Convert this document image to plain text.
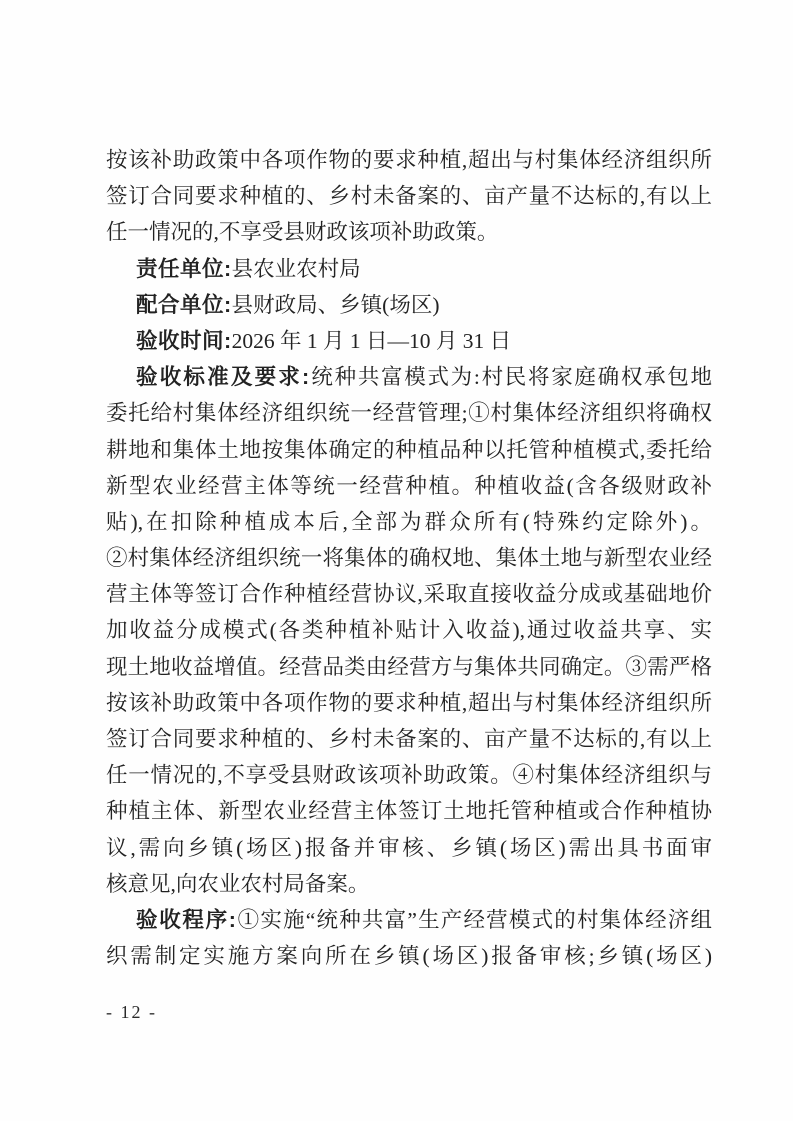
按该补助政策中各项作物的要求种植,超出与村集体经济组织所
签订合同要求种植的、乡村未备案的、亩产量不达标的,有以上
任一情况的,不享受县财政该项补助政策。
责任单位:县农业农村局
配合单位:县财政局、乡镇(场区)
验收时间:2026 年 1 月 1 日—10 月 31 日
验收标准及要求:统种共富模式为:村民将家庭确权承包地
委托给村集体经济组织统一经营管理;①村集体经济组织将确权
耕地和集体土地按集体确定的种植品种以托管种植模式,委托给
新型农业经营主体等统一经营种植。种植收益(含各级财政补
贴),在扣除种植成本后,全部为群众所有(特殊约定除外)。
②村集体经济组织统一将集体的确权地、集体土地与新型农业经
营主体等签订合作种植经营协议,采取直接收益分成或基础地价
加收益分成模式(各类种植补贴计入收益),通过收益共享、实
现土地收益增值。经营品类由经营方与集体共同确定。③需严格
按该补助政策中各项作物的要求种植,超出与村集体经济组织所
签订合同要求种植的、乡村未备案的、亩产量不达标的,有以上
任一情况的,不享受县财政该项补助政策。④村集体经济组织与
种植主体、新型农业经营主体签订土地托管种植或合作种植协
议,需向乡镇(场区)报备并审核、乡镇(场区)需出具书面审
核意见,向农业农村局备案。
验收程序:①实施“统种共富”生产经营模式的村集体经济组
织需制定实施方案向所在乡镇(场区)报备审核;乡镇(场区)
- 12 -
